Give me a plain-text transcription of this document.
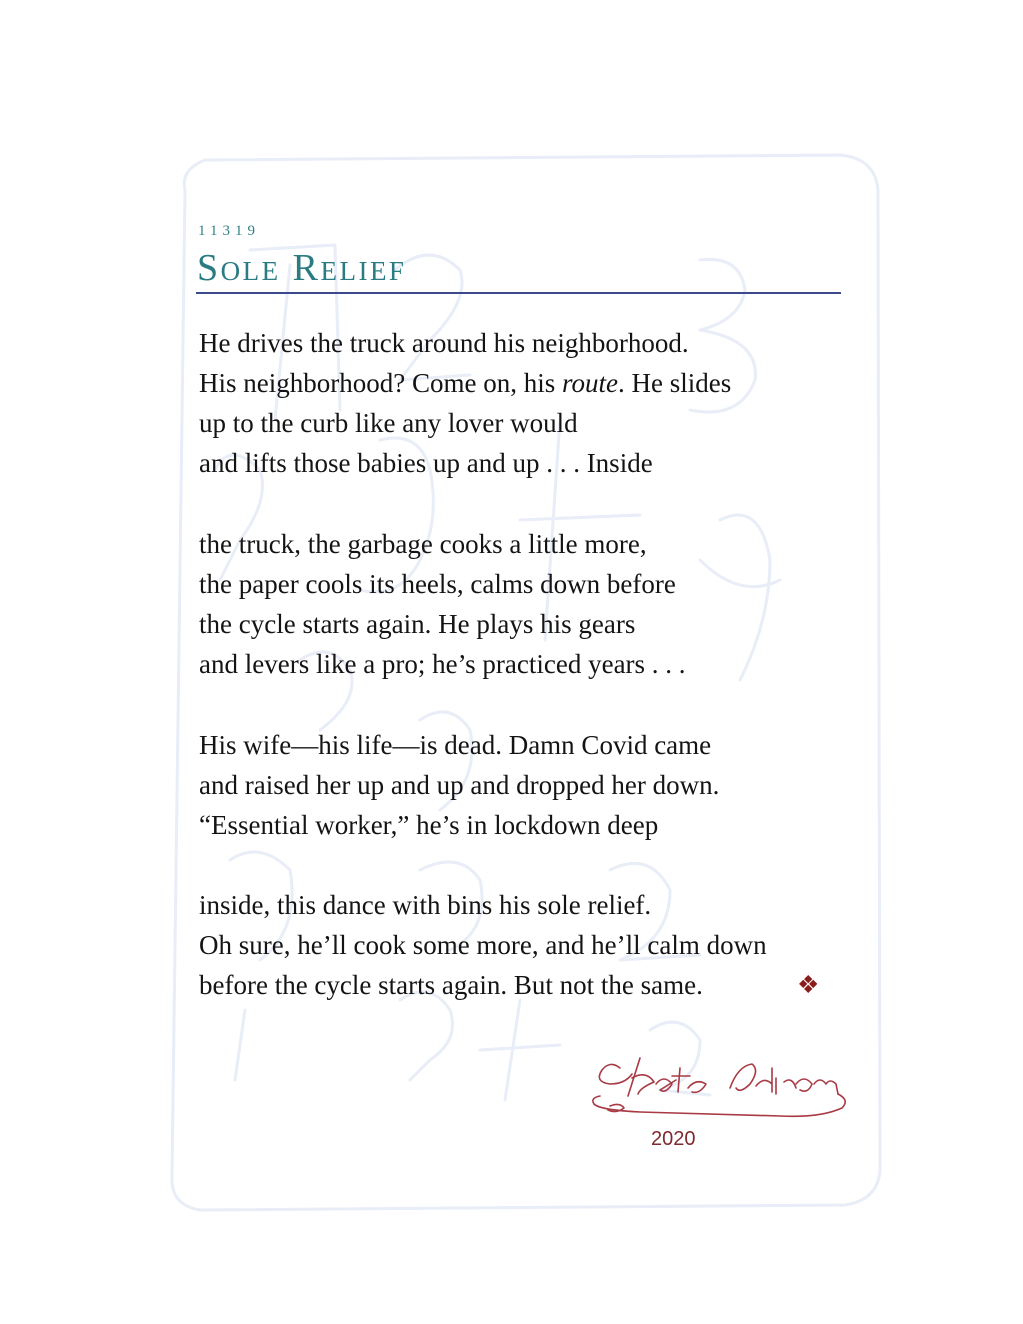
11319
Sole Relief
He drives the truck around his neighborhood.
His neighborhood? Come on, his route. He slides
up to the curb like any lover would
and lifts those babies up and up . . . Inside
the truck, the garbage cooks a little more,
the paper cools its heels, calms down before
the cycle starts again. He plays his gears
and levers like a pro; he’s practiced years . . .
His wife—his life—is dead. Damn Covid came
and raised her up and up and dropped her down.
“Essential worker,” he’s in lockdown deep
inside, this dance with bins his sole relief.
Oh sure, he’ll cook some more, and he’ll calm down
before the cycle starts again. But not the same.	❖
2020
